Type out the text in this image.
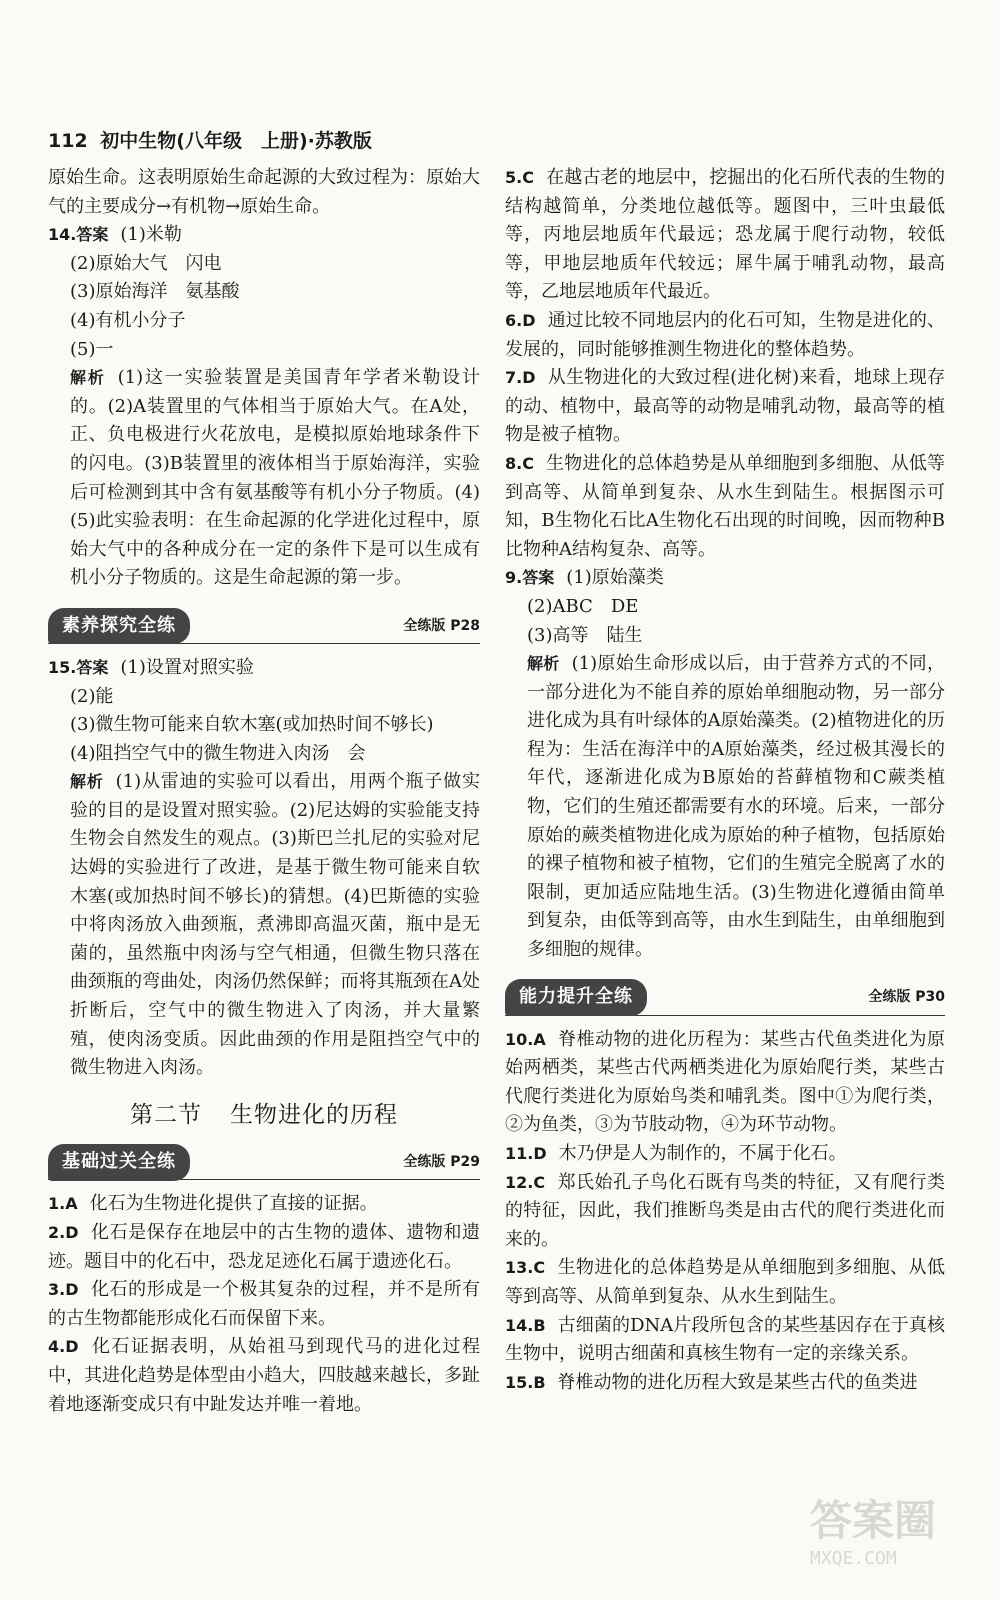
112 初中生物(八年级　上册)·苏教版

原始生命。这表明原始生命起源的大致过程为：原始大气的主要成分→有机物→原始生命。

14.答案 (1)米勒

(2)原始大气　闪电

(3)原始海洋　氨基酸

(4)有机小分子

(5)一

解析 (1)这一实验装置是美国青年学者米勒设计的。(2)A装置里的气体相当于原始大气。在A处，正、负电极进行火花放电，是模拟原始地球条件下的闪电。(3)B装置里的液体相当于原始海洋，实验后可检测到其中含有氨基酸等有机小分子物质。(4)(5)此实验表明：在生命起源的化学进化过程中，原始大气中的各种成分在一定的条件下是可以生成有机小分子物质的。这是生命起源的第一步。

素养探究全练	全练版 P28

15.答案 (1)设置对照实验

(2)能

(3)微生物可能来自软木塞(或加热时间不够长)

(4)阻挡空气中的微生物进入肉汤　会

解析 (1)从雷迪的实验可以看出，用两个瓶子做实验的目的是设置对照实验。(2)尼达姆的实验能支持生物会自然发生的观点。(3)斯巴兰扎尼的实验对尼达姆的实验进行了改进，是基于微生物可能来自软木塞(或加热时间不够长)的猜想。(4)巴斯德的实验中将肉汤放入曲颈瓶，煮沸即高温灭菌，瓶中是无菌的，虽然瓶中肉汤与空气相通，但微生物只落在曲颈瓶的弯曲处，肉汤仍然保鲜；而将其瓶颈在A处折断后，空气中的微生物进入了肉汤，并大量繁殖，使肉汤变质。因此曲颈的作用是阻挡空气中的微生物进入肉汤。

第二节 生物进化的历程
基础过关全练	全练版 P29

1.A 化石为生物进化提供了直接的证据。

2.D 化石是保存在地层中的古生物的遗体、遗物和遗迹。题目中的化石中，恐龙足迹化石属于遗迹化石。

3.D 化石的形成是一个极其复杂的过程，并不是所有的古生物都能形成化石而保留下来。

4.D 化石证据表明，从始祖马到现代马的进化过程中，其进化趋势是体型由小趋大，四肢越来越长，多趾着地逐渐变成只有中趾发达并唯一着地。

5.C 在越古老的地层中，挖掘出的化石所代表的生物的结构越简单，分类地位越低等。题图中，三叶虫最低等，丙地层地质年代最远；恐龙属于爬行动物，较低等，甲地层地质年代较远；犀牛属于哺乳动物，最高等，乙地层地质年代最近。

6.D 通过比较不同地层内的化石可知，生物是进化的、发展的，同时能够推测生物进化的整体趋势。

7.D 从生物进化的大致过程(进化树)来看，地球上现存的动、植物中，最高等的动物是哺乳动物，最高等的植物是被子植物。

8.C 生物进化的总体趋势是从单细胞到多细胞、从低等到高等、从简单到复杂、从水生到陆生。根据图示可知，B生物化石比A生物化石出现的时间晚，因而物种B比物种A结构复杂、高等。

9.答案 (1)原始藻类

(2)ABC　DE

(3)高等　陆生

解析 (1)原始生命形成以后，由于营养方式的不同，一部分进化为不能自养的原始单细胞动物，另一部分进化成为具有叶绿体的A原始藻类。(2)植物进化的历程为：生活在海洋中的A原始藻类，经过极其漫长的年代，逐渐进化成为B原始的苔藓植物和C蕨类植物，它们的生殖还都需要有水的环境。后来，一部分原始的蕨类植物进化成为原始的种子植物，包括原始的裸子植物和被子植物，它们的生殖完全脱离了水的限制，更加适应陆地生活。(3)生物进化遵循由简单到复杂，由低等到高等，由水生到陆生，由单细胞到多细胞的规律。

能力提升全练	全练版 P30

10.A 脊椎动物的进化历程为：某些古代鱼类进化为原始两栖类，某些古代两栖类进化为原始爬行类，某些古代爬行类进化为原始鸟类和哺乳类。图中①为爬行类，②为鱼类，③为节肢动物，④为环节动物。

11.D 木乃伊是人为制作的，不属于化石。

12.C 郑氏始孔子鸟化石既有鸟类的特征，又有爬行类的特征，因此，我们推断鸟类是由古代的爬行类进化而来的。

13.C 生物进化的总体趋势是从单细胞到多细胞、从低等到高等、从简单到复杂、从水生到陆生。

14.B 古细菌的DNA片段所包含的某些基因存在于真核生物中，说明古细菌和真核生物有一定的亲缘关系。

15.B 脊椎动物的进化历程大致是某些古代的鱼类进

答案圈
MXQE.COM
